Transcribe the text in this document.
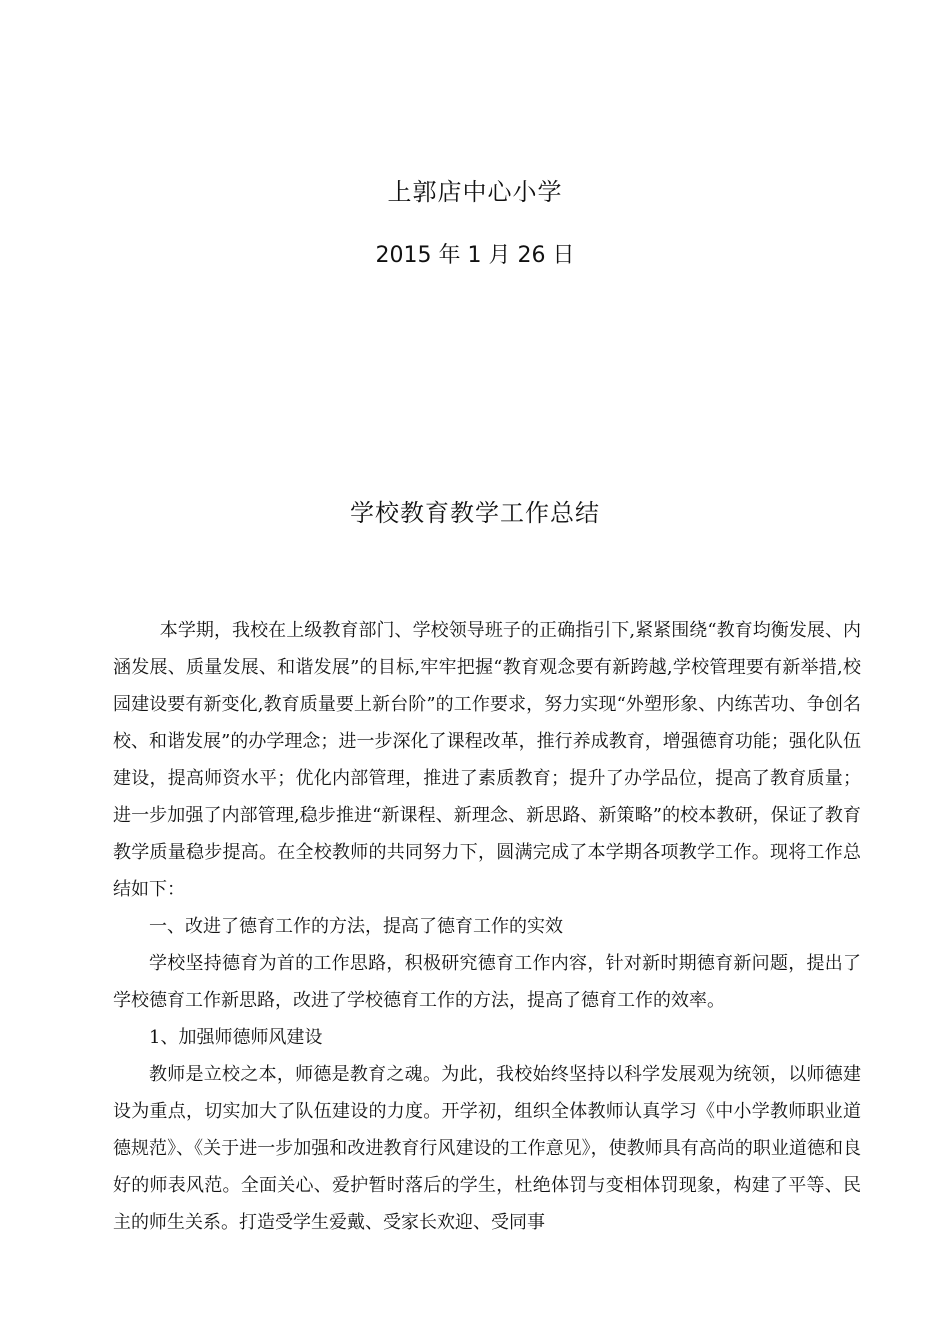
上郭店中心小学
2015 年 1 月 26 日
学校教育教学工作总结

本学期，我校在上级教育部门、学校领导班子的正确指引下,紧紧围绕“教育均衡发展、内涵发展、质量发展、和谐发展”的目标,牢牢把握“教育观念要有新跨越,学校管理要有新举措,校园建设要有新变化,教育质量要上新台阶”的工作要求，努力实现“外塑形象、内练苦功、争创名校、和谐发展”的办学理念；进一步深化了课程改革，推行养成教育，增强德育功能；强化队伍建设，提高师资水平；优化内部管理，推进了素质教育；提升了办学品位，提高了教育质量；进一步加强了内部管理,稳步推进“新课程、新理念、新思路、新策略”的校本教研，保证了教育教学质量稳步提高。在全校教师的共同努力下，圆满完成了本学期各项教学工作。现将工作总结如下：

一、改进了德育工作的方法，提高了德育工作的实效

学校坚持德育为首的工作思路，积极研究德育工作内容，针对新时期德育新问题，提出了学校德育工作新思路，改进了学校德育工作的方法，提高了德育工作的效率。

1、加强师德师风建设

教师是立校之本，师德是教育之魂。为此，我校始终坚持以科学发展观为统领，以师德建设为重点，切实加大了队伍建设的力度。开学初，组织全体教师认真学习《中小学教师职业道德规范》、《关于进一步加强和改进教育行风建设的工作意见》，使教师具有高尚的职业道德和良好的师表风范。全面关心、爱护暂时落后的学生，杜绝体罚与变相体罚现象，构建了平等、民主的师生关系。打造受学生爱戴、受家长欢迎、受同事
